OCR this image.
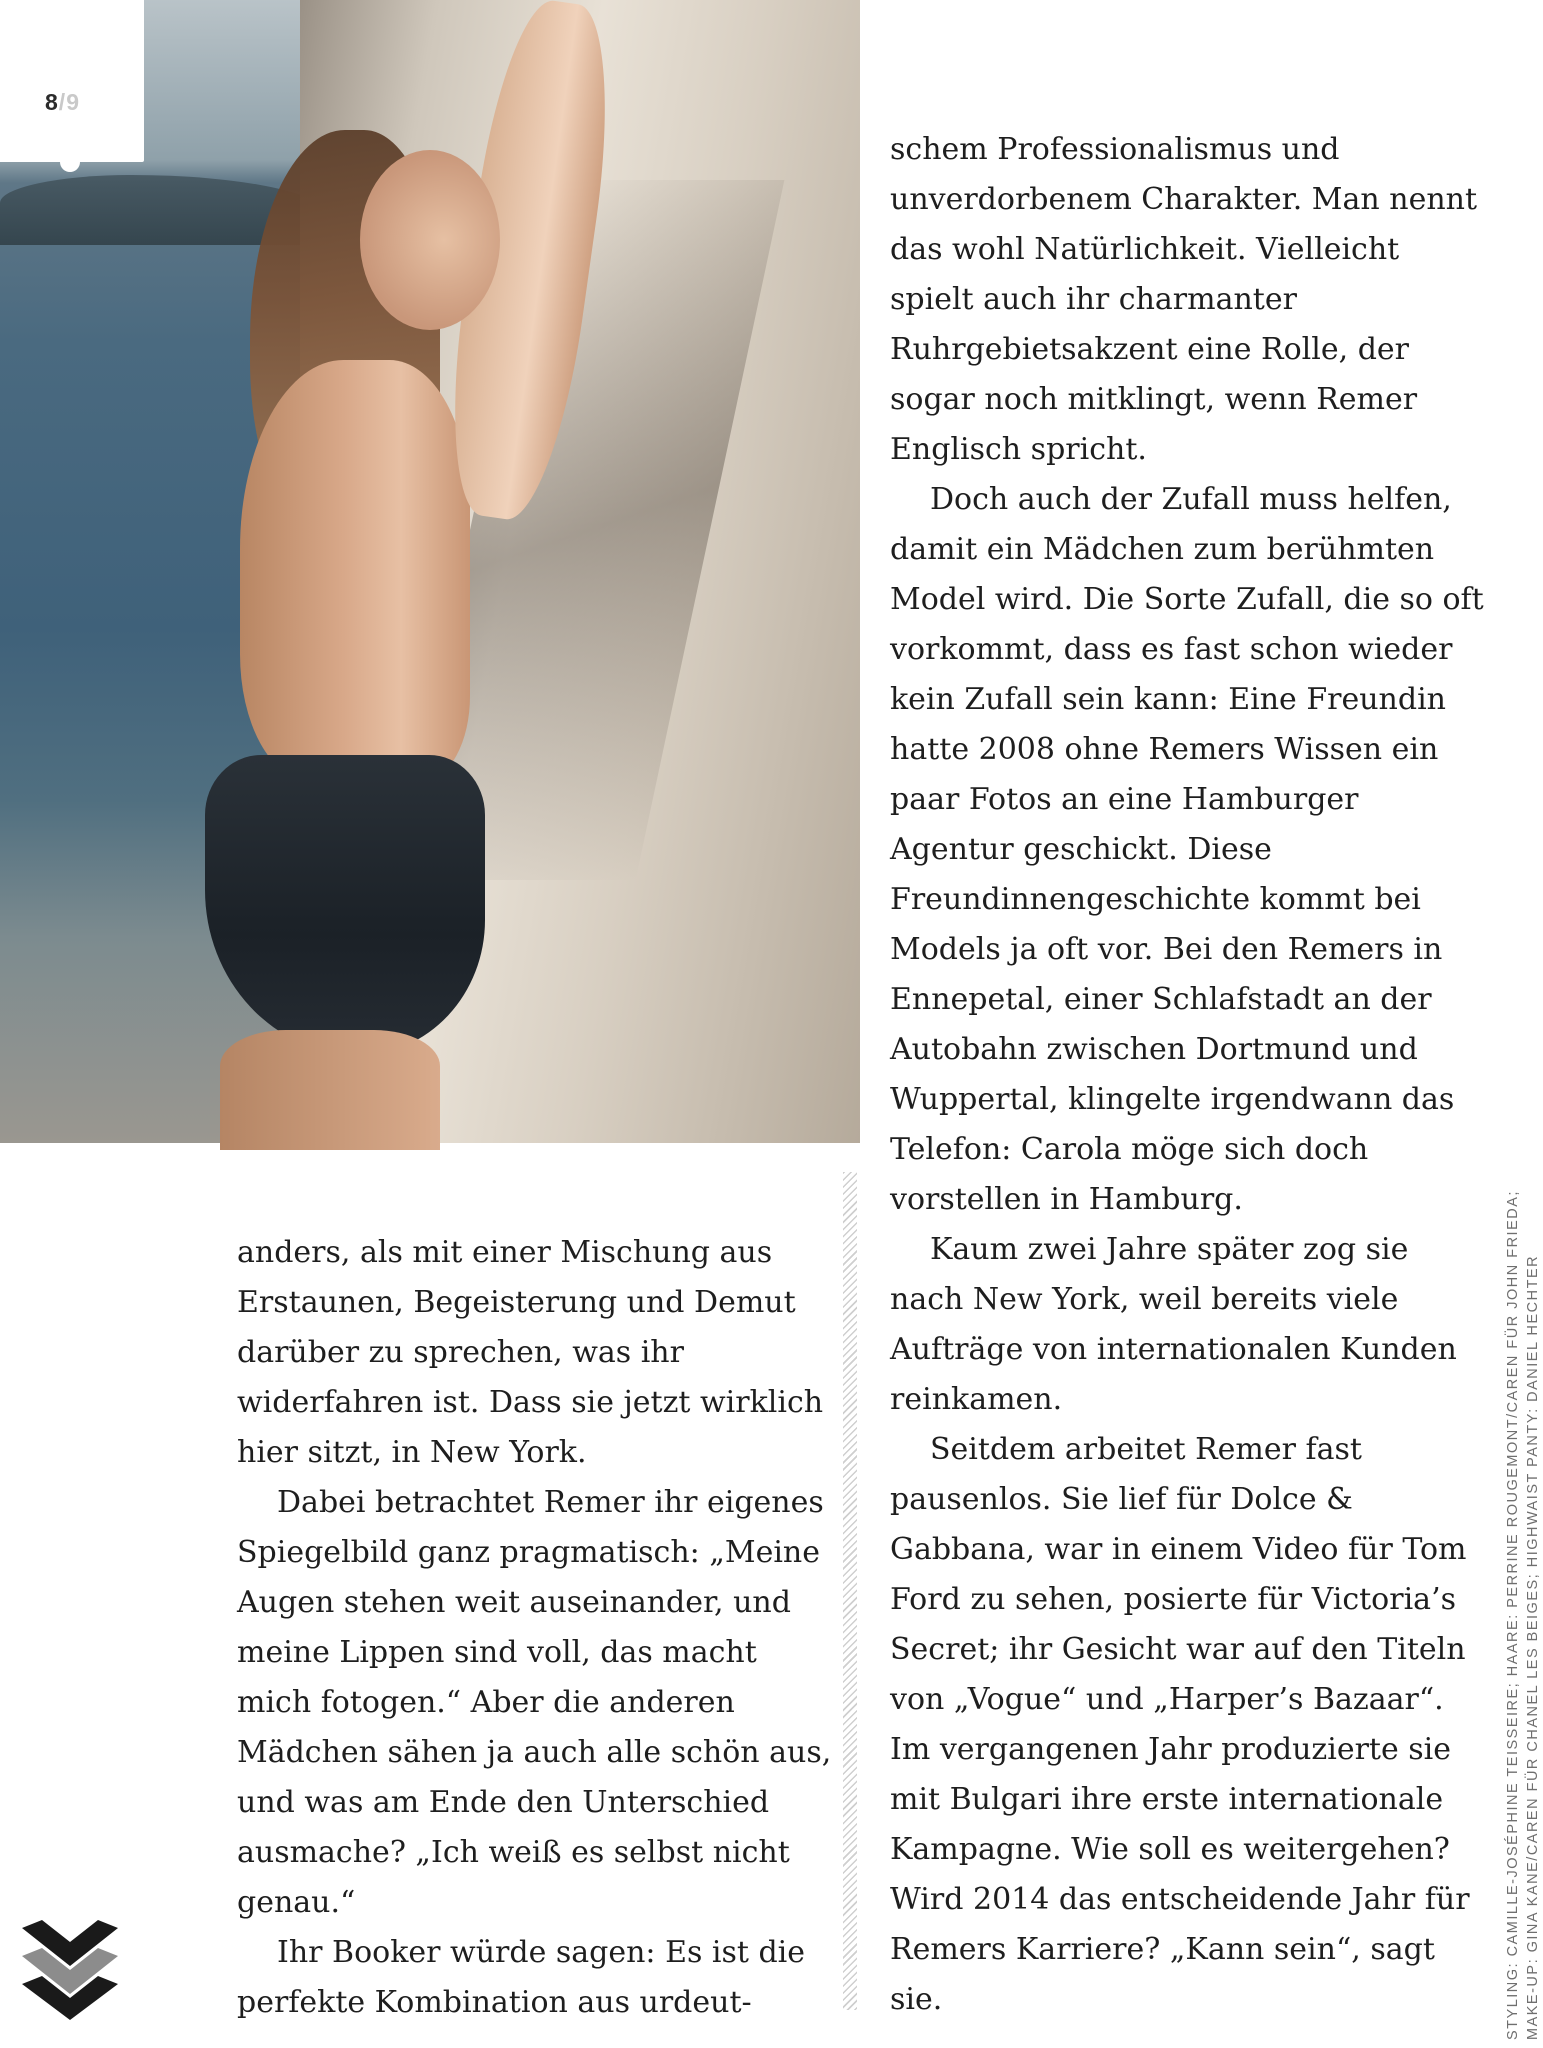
8/9

anders, als mit einer Mischung aus Erstaunen, Begeisterung und Demut darüber zu sprechen, was ihr widerfahren ist. Dass sie jetzt wirklich hier sitzt, in New York.

Dabei betrachtet Remer ihr eigenes Spiegelbild ganz pragmatisch: „Meine Augen stehen weit auseinander, und meine Lippen sind voll, das macht mich fotogen.“ Aber die anderen Mädchen sähen ja auch alle schön aus, und was am Ende den Unterschied ausmache? „Ich weiß es selbst nicht genau.“

Ihr Booker würde sagen: Es ist die perfekte Kombination aus urdeut-

schem Professionalismus und unverdorbenem Charakter. Man nennt das wohl Natürlichkeit. Vielleicht spielt auch ihr charmanter Ruhrgebietsakzent eine Rolle, der sogar noch mitklingt, wenn Remer Englisch spricht.

Doch auch der Zufall muss helfen, damit ein Mädchen zum berühmten Model wird. Die Sorte Zufall, die so oft vorkommt, dass es fast schon wieder kein Zufall sein kann: Eine Freundin hatte 2008 ohne Remers Wissen ein paar Fotos an eine Hamburger Agentur geschickt. Diese Freundinnengeschichte kommt bei Models ja oft vor. Bei den Remers in Ennepetal, einer Schlafstadt an der Autobahn zwischen Dortmund und Wuppertal, klingelte irgendwann das Telefon: Carola möge sich doch vorstellen in Hamburg.

Kaum zwei Jahre später zog sie nach New York, weil bereits viele Aufträge von internationalen Kunden reinkamen.

Seitdem arbeitet Remer fast pausenlos. Sie lief für Dolce & Gabbana, war in einem Video für Tom Ford zu sehen, posierte für Victoria’s Secret; ihr Gesicht war auf den Titeln von „Vogue“ und „Harper’s Bazaar“. Im vergangenen Jahr produzierte sie mit Bulgari ihre erste internationale Kampagne. Wie soll es weitergehen? Wird 2014 das entscheidende Jahr für Remers Karriere? „Kann sein“, sagt sie.	STYLING: CAMILLE-JOSÉPHINE TEISSEIRE; HAARE: PERRINE ROUGEMONT/CAREN FÜR JOHN FRIEDA; MAKE-UP: GINA KANE/CAREN FÜR CHANEL LES BEIGES; HIGHWAIST PANTY: DANIEL HECHTER
